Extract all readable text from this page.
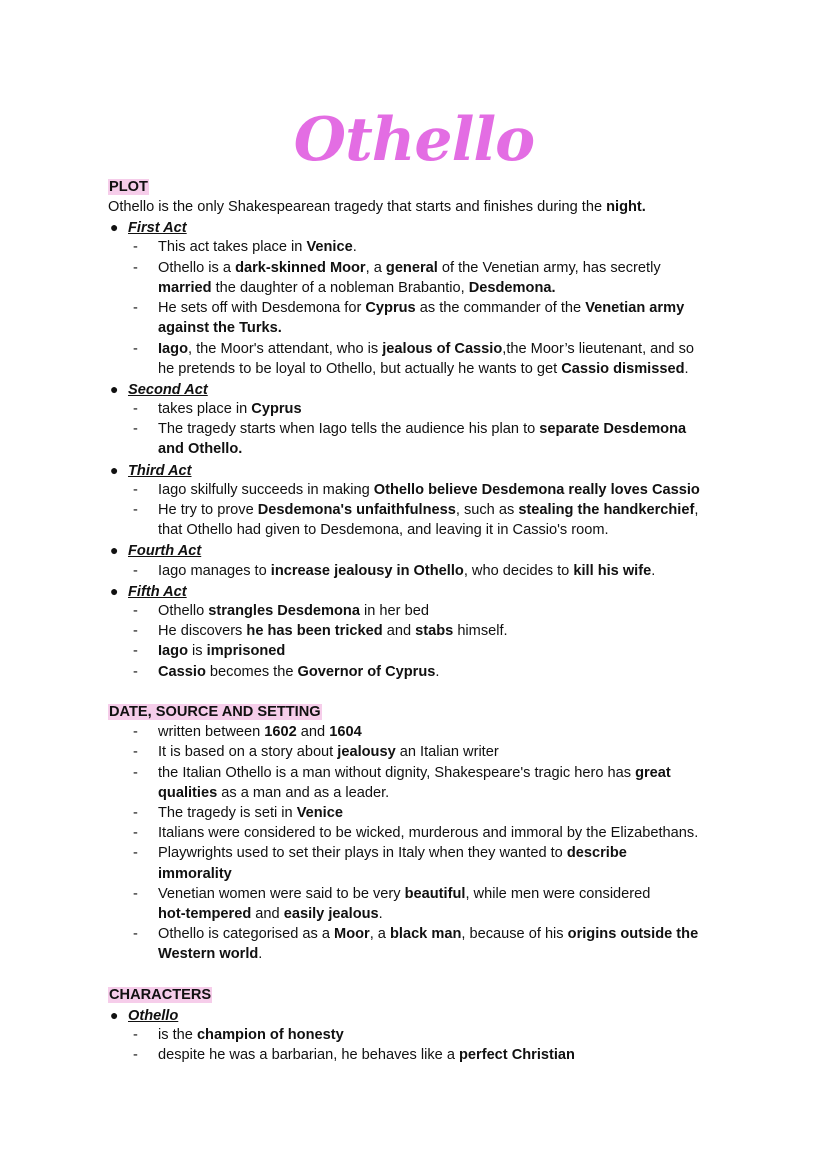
Othello
PLOT
Othello is the only Shakespearean tragedy that starts and finishes during the night.
● First Act
- This act takes place in Venice.
- Othello is a dark-skinned Moor, a general of the Venetian army, has secretly
married the daughter of a nobleman Brabantio, Desdemona.
- He sets off with Desdemona for Cyprus as the commander of the Venetian army
against the Turks.
- Iago, the Moor's attendant, who is jealous of Cassio,the Moor’s lieutenant, and so
he pretends to be loyal to Othello, but actually he wants to get Cassio dismissed.
● Second Act
- takes place in Cyprus
- The tragedy starts when Iago tells the audience his plan to separate Desdemona
and Othello.
● Third Act
- Iago skilfully succeeds in making Othello believe Desdemona really loves Cassio
- He try to prove Desdemona's unfaithfulness, such as stealing the handkerchief,
that Othello had given to Desdemona, and leaving it in Cassio's room.
● Fourth Act
- Iago manages to increase jealousy in Othello, who decides to kill his wife.
● Fifth Act
- Othello strangles Desdemona in her bed
- He discovers he has been tricked and stabs himself.
- Iago is imprisoned
- Cassio becomes the Governor of Cyprus.
DATE, SOURCE AND SETTING
- written between 1602 and 1604
- It is based on a story about jealousy an Italian writer
- the Italian Othello is a man without dignity, Shakespeare's tragic hero has great
qualities as a man and as a leader.
- The tragedy is seti in Venice
- Italians were considered to be wicked, murderous and immoral by the Elizabethans.
- Playwrights used to set their plays in Italy when they wanted to describe
immorality
- Venetian women were said to be very beautiful, while men were considered
hot-tempered and easily jealous.
- Othello is categorised as a Moor, a black man, because of his origins outside the
Western world.
CHARACTERS
● Othello
- is the champion of honesty
- despite he was a barbarian, he behaves like a perfect Christian
